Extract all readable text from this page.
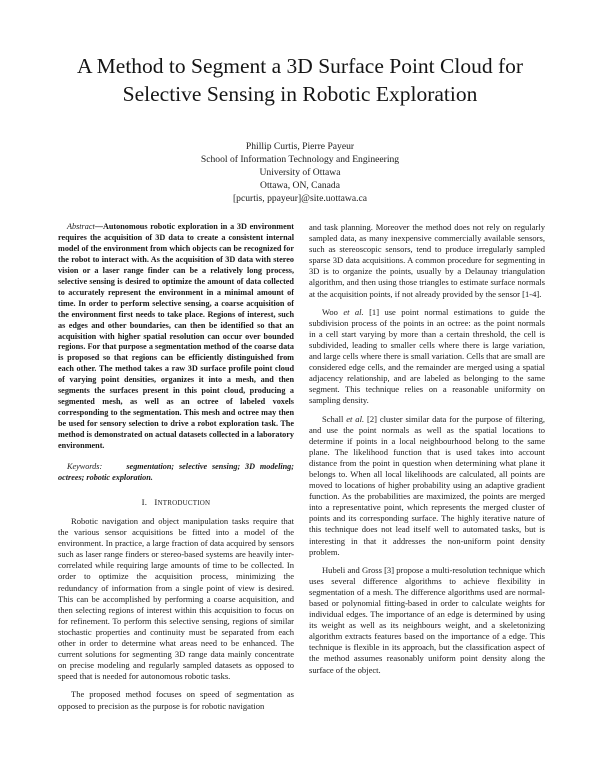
A Method to Segment a 3D Surface Point Cloud for
Selective Sensing in Robotic Exploration
Phillip Curtis, Pierre Payeur
School of Information Technology and Engineering
University of Ottawa
Ottawa, ON, Canada
[pcurtis, ppayeur]@site.uottawa.ca

Abstract—Autonomous robotic exploration in a 3D environment requires the acquisition of 3D data to create a consistent internal model of the environment from which objects can be recognized for the robot to interact with. As the acquisition of 3D data with stereo vision or a laser range finder can be a relatively long process, selective sensing is desired to optimize the amount of data collected to accurately represent the environment in a minimal amount of time. In order to perform selective sensing, a coarse acquisition of the environment first needs to take place. Regions of interest, such as edges and other boundaries, can then be identified so that an acquisition with higher spatial resolution can occur over bounded regions. For that purpose a segmentation method of the coarse data is proposed so that regions can be efficiently distinguished from each other. The method takes a raw 3D surface profile point cloud of varying point densities, organizes it into a mesh, and then segments the surfaces present in this point cloud, producing a segmented mesh, as well as an octree of labeled voxels corresponding to the segmentation. This mesh and octree may then be used for sensory selection to drive a robot exploration task. The method is demonstrated on actual datasets collected in a laboratory environment.

Keywords:	segmentation; selective sensing; 3D modeling; octrees; robotic exploration.

I. INTRODUCTION

Robotic navigation and object manipulation tasks require that the various sensor acquisitions be fitted into a model of the environment. In practice, a large fraction of data acquired by sensors such as laser range finders or stereo-based systems are heavily inter-correlated while requiring large amounts of time to be collected. In order to optimize the acquisition process, minimizing the redundancy of information from a single point of view is desired. This can be accomplished by performing a coarse acquisition, and then selecting regions of interest within this acquisition to focus on for refinement. To perform this selective sensing, regions of similar stochastic properties and continuity must be separated from each other in order to determine what areas need to be enhanced. The current solutions for segmenting 3D range data mainly concentrate on precise modeling and regularly sampled datasets as opposed to speed that is needed for autonomous robotic tasks.

The proposed method focuses on speed of segmentation as opposed to precision as the purpose is for robotic navigation

and task planning. Moreover the method does not rely on regularly sampled data, as many inexpensive commercially available sensors, such as stereoscopic sensors, tend to produce irregularly sampled sparse 3D data acquisitions. A common procedure for segmenting in 3D is to organize the points, usually by a Delaunay triangulation algorithm, and then using those triangles to estimate surface normals at the acquisition points, if not already provided by the sensor [1-4].

Woo et al. [1] use point normal estimations to guide the subdivision process of the points in an octree: as the point normals in a cell start varying by more than a certain threshold, the cell is subdivided, leading to smaller cells where there is large variation, and large cells where there is small variation. Cells that are small are considered edge cells, and the remainder are merged using a spatial adjacency relationship, and are labeled as belonging to the same segment. This technique relies on a reasonable uniformity on sampling density.

Schall et al. [2] cluster similar data for the purpose of filtering, and use the point normals as well as the spatial locations to determine if points in a local neighbourhood belong to the same plane. The likelihood function that is used takes into account distance from the point in question when determining what plane it belongs to. When all local likelihoods are calculated, all points are moved to locations of higher probability using an adaptive gradient function. As the probabilities are maximized, the points are merged into a representative point, which represents the merged cluster of points and its corresponding surface. The highly iterative nature of this technique does not lead itself well to automated tasks, but is interesting in that it addresses the non-uniform point density problem.

Hubeli and Gross [3] propose a multi-resolution technique which uses several difference algorithms to achieve flexibility in segmentation of a mesh. The difference algorithms used are normal-based or polynomial fitting-based in order to calculate weights for individual edges. The importance of an edge is determined by using its weight as well as its neighbours weight, and a skeletonizing algorithm extracts features based on the importance of a edge. This technique is flexible in its approach, but the classification aspect of the method assumes reasonably uniform point density along the surface of the object.
